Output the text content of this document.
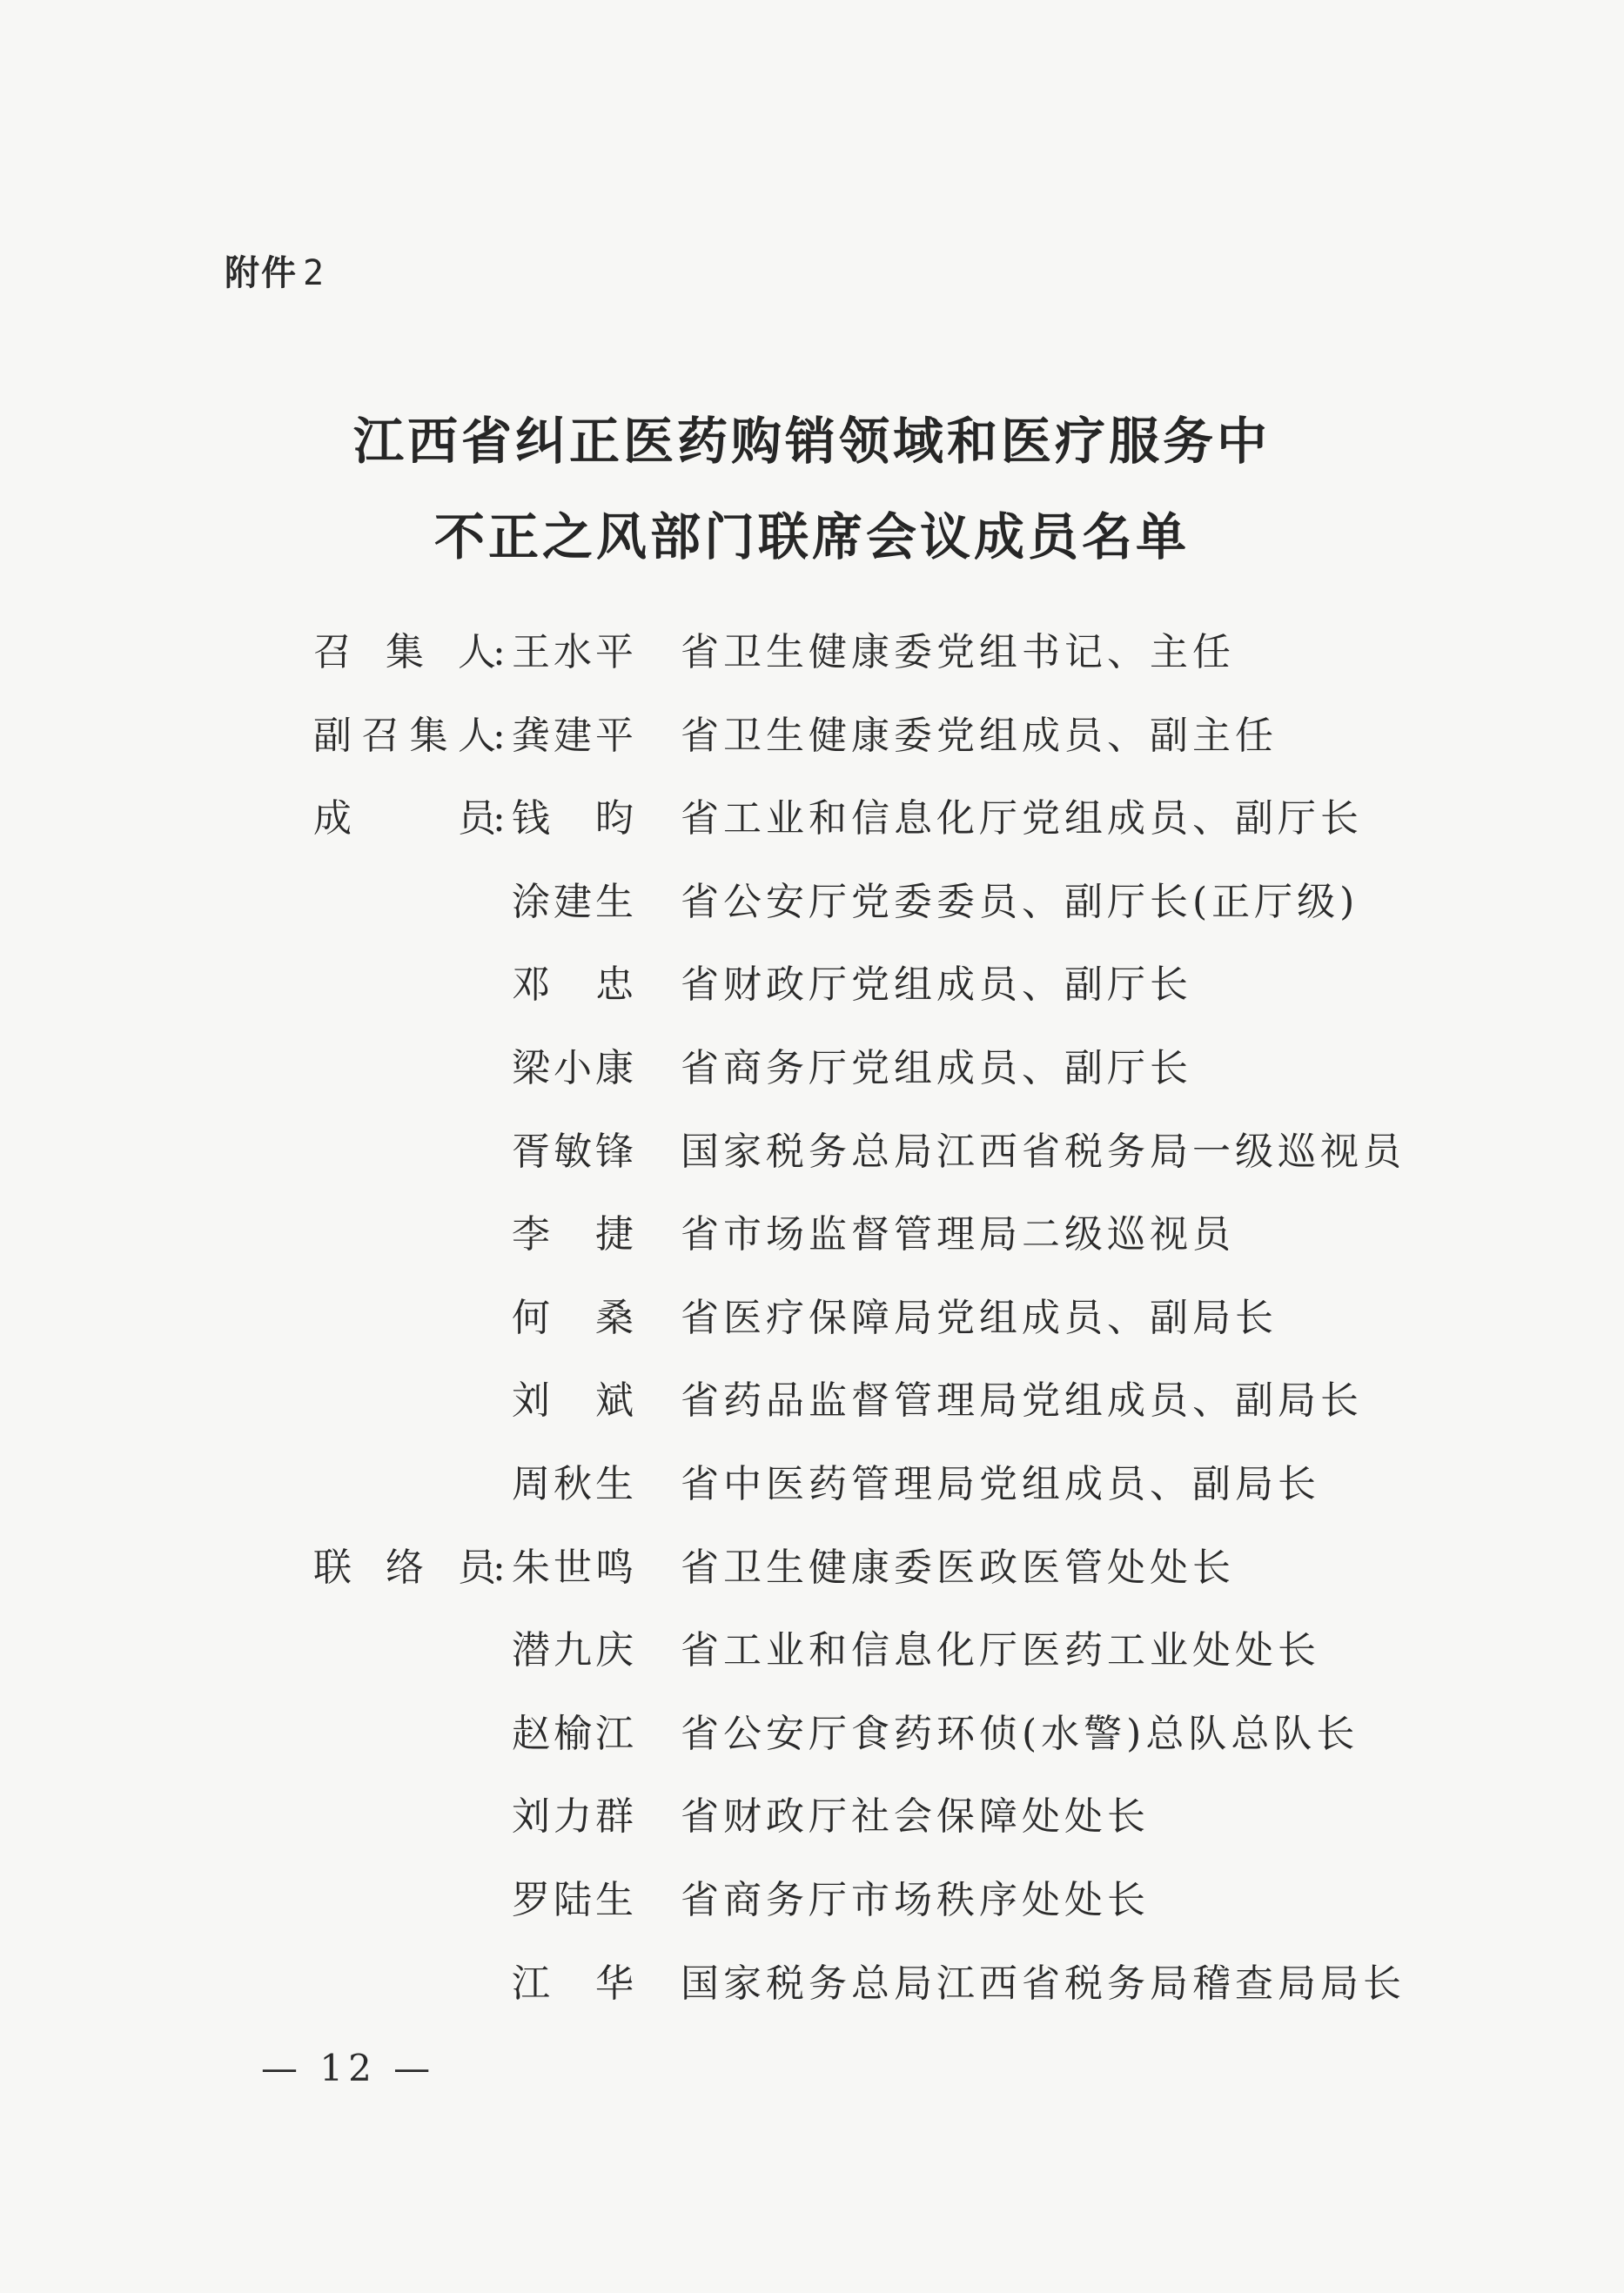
附件 2
江西省纠正医药购销领域和医疗服务中
不正之风部门联席会议成员名单
召 集 人
: 王 水 平 省卫生健康委党组书记、主任
副 召 集 人
: 龚 建 平 省卫生健康委党组成员、副主任
成	员
: 钱 昀 省工业和信息化厅党组成员、副厅长
涂 建 生 省公安厅党委委员、副厅长(正厅级)
邓 忠 省财政厅党组成员、副厅长
梁 小 康 省商务厅党组成员、副厅长
胥 敏 锋 国家税务总局江西省税务局一级巡视员
李 捷 省市场监督管理局二级巡视员
何 桑 省医疗保障局党组成员、副局长
刘 斌 省药品监督管理局党组成员、副局长
周 秋 生 省中医药管理局党组成员、副局长
联 络 员
: 朱 世 鸣 省卫生健康委医政医管处处长
潜 九 庆 省工业和信息化厅医药工业处处长
赵 榆 江 省公安厅食药环侦(水警)总队总队长
刘 力 群 省财政厅社会保障处处长
罗 陆 生 省商务厅市场秩序处处长
江 华 国家税务总局江西省税务局稽查局局长
— 12 —
